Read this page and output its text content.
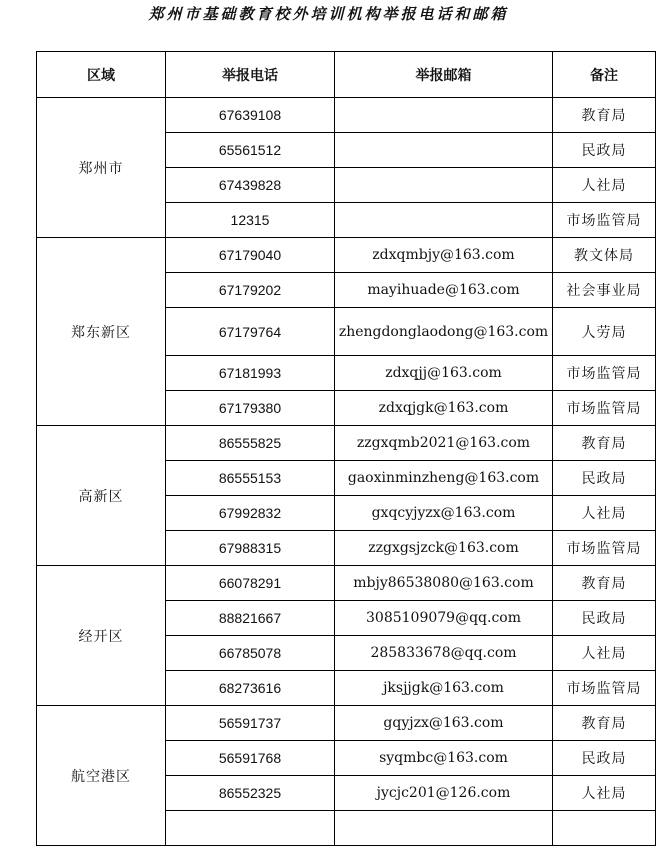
郑州市基础教育校外培训机构举报电话和邮箱
区域	举报电话	举报邮箱	备注
郑州市	67639108		教育局
	65561512		民政局
	67439828		人社局
	12315		市场监管局
郑东新区	67179040	zdxqmbjy@163.com	教文体局
	67179202	mayihuade@163.com	社会事业局
	67179764	zhengdonglaodong@163.com	人劳局
	67181993	zdxqjj@163.com	市场监管局
	67179380	zdxqjgk@163.com	市场监管局
高新区	86555825	zzgxqmb2021@163.com	教育局
	86555153	gaoxinminzheng@163.com	民政局
	67992832	gxqcyjyzx@163.com	人社局
	67988315	zzgxgsjzck@163.com	市场监管局
经开区	66078291	mbjy86538080@163.com	教育局
	88821667	3085109079@qq.com	民政局
	66785078	285833678@qq.com	人社局
	68273616	jksjjgk@163.com	市场监管局
航空港区	56591737	gqyjzx@163.com	教育局
	56591768	syqmbc@163.com	民政局
	86552325	jycjc201@126.com	人社局
